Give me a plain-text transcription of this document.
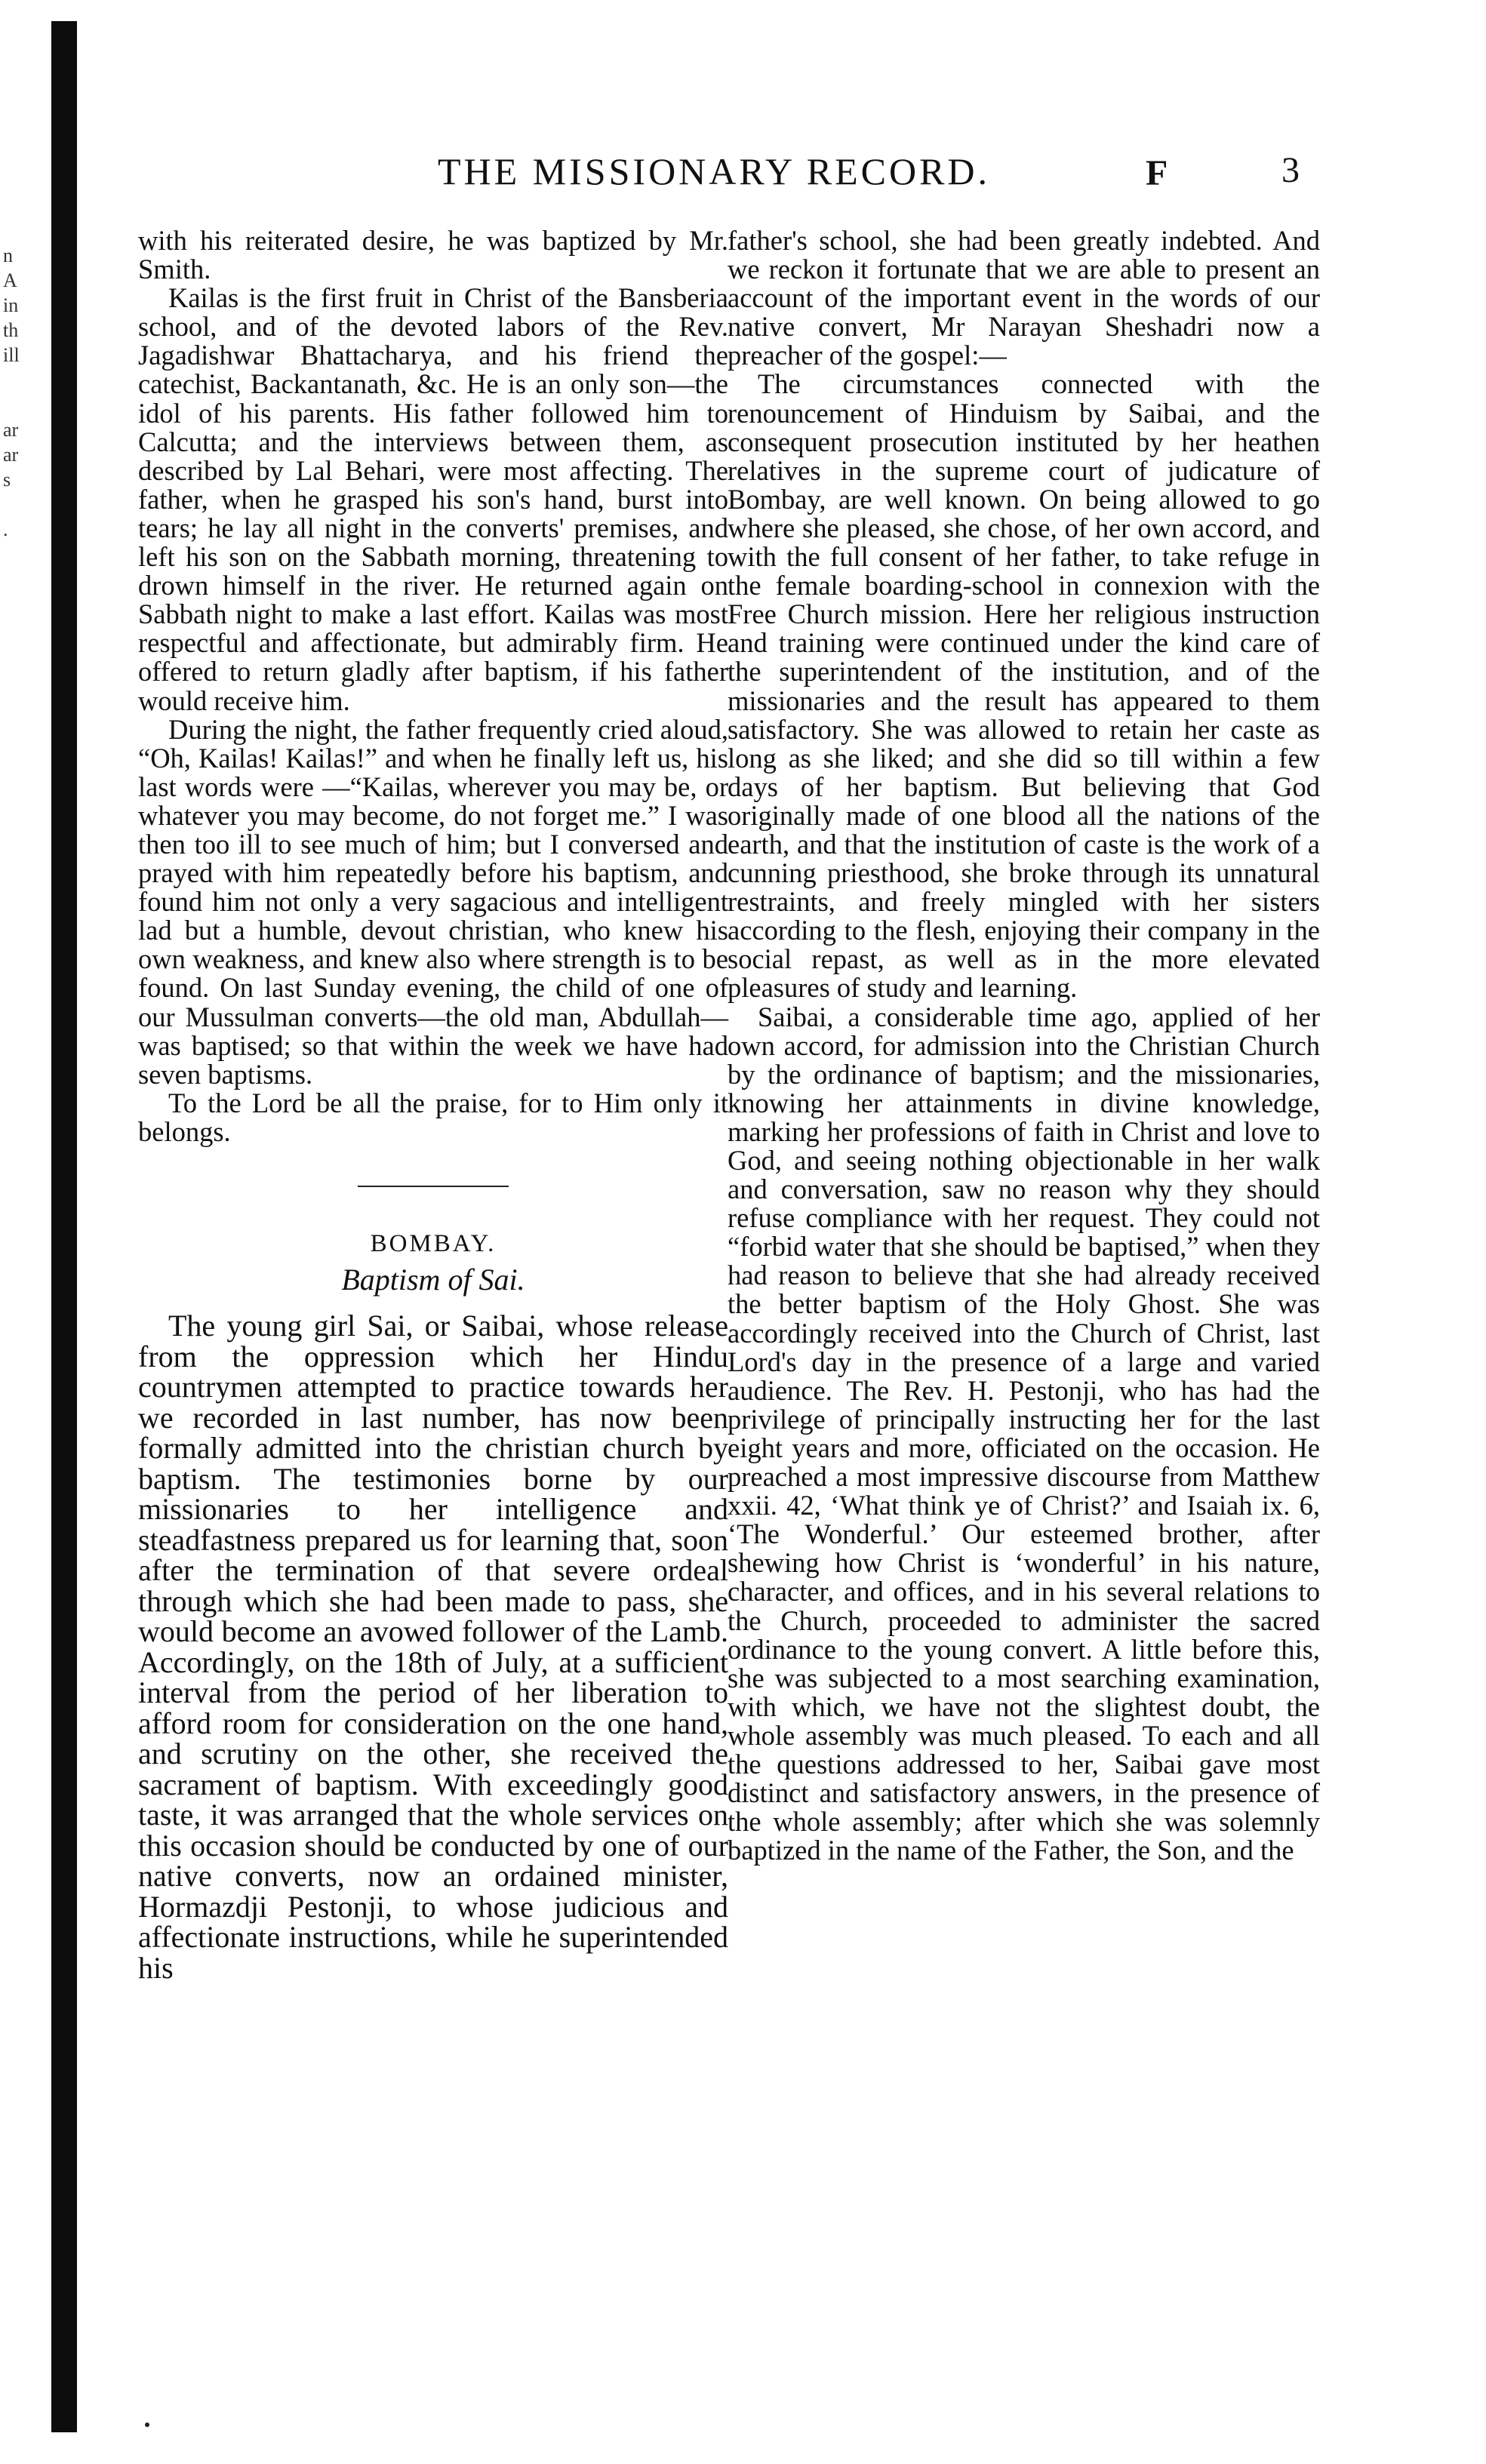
n
A
in
th
ill
ar
ar
s
.
THE MISSIONARY RECORD.	F	3

with his reiterated desire, he was baptized by Mr. Smith.

Kailas is the first fruit in Christ of the Bansberia school, and of the devoted labors of the Rev. Jagadishwar Bhattacharya, and his friend the catechist, Backantanath, &c. He is an only son—the idol of his parents. His father followed him to Calcutta; and the interviews between them, as described by Lal Behari, were most affecting. The father, when he grasped his son's hand, burst into tears; he lay all night in the converts' premises, and left his son on the Sabbath morning, threatening to drown himself in the river. He returned again on Sabbath night to make a last effort. Kailas was most respectful and affectionate, but admirably firm. He offered to return gladly after baptism, if his father would receive him.

During the night, the father frequently cried aloud, “Oh, Kailas! Kailas!” and when he finally left us, his last words were —“Kailas, wherever you may be, or whatever you may become, do not forget me.” I was then too ill to see much of him; but I conversed and prayed with him repeatedly before his baptism, and found him not only a very sagacious and intelligent lad but a humble, devout christian, who knew his own weakness, and knew also where strength is to be found. On last Sunday evening, the child of one of our Mussulman converts—the old man, Abdullah—was baptised; so that within the week we have had seven baptisms.

To the Lord be all the praise, for to Him only it belongs.

BOMBAY.

Baptism of Sai.

The young girl Sai, or Saibai, whose release from the oppression which her Hindu countrymen attempted to practice towards her we recorded in last number, has now been formally admitted into the christian church by baptism. The testimonies borne by our missionaries to her intelligence and steadfastness prepared us for learning that, soon after the termination of that severe ordeal through which she had been made to pass, she would become an avowed follower of the Lamb. Accordingly, on the 18th of July, at a sufficient interval from the period of her liberation to afford room for consideration on the one hand, and scrutiny on the other, she received the sacrament of baptism. With exceedingly good taste, it was arranged that the whole services on this occasion should be conducted by one of our native converts, now an ordained minister, Hormazdji Pestonji, to whose judicious and affectionate instructions, while he superintended his

father's school, she had been greatly indebted. And we reckon it fortunate that we are able to present an account of the important event in the words of our native convert, Mr Narayan Sheshadri now a preacher of the gospel:—

The circumstances connected with the renouncement of Hinduism by Saibai, and the consequent prosecution instituted by her heathen relatives in the supreme court of judicature of Bombay, are well known. On being allowed to go where she pleased, she chose, of her own accord, and with the full consent of her father, to take refuge in the female boarding-school in connexion with the Free Church mission. Here her religious instruction and training were continued under the kind care of the superintendent of the institution, and of the missionaries and the result has appeared to them satisfactory. She was allowed to retain her caste as long as she liked; and she did so till within a few days of her baptism. But believing that God originally made of one blood all the nations of the earth, and that the institution of caste is the work of a cunning priesthood, she broke through its unnatural restraints, and freely mingled with her sisters according to the flesh, enjoying their company in the social repast, as well as in the more elevated pleasures of study and learning.

Saibai, a considerable time ago, applied of her own accord, for admission into the Christian Church by the ordinance of baptism; and the missionaries, knowing her attainments in divine knowledge, marking her professions of faith in Christ and love to God, and seeing nothing objectionable in her walk and conversation, saw no reason why they should refuse compliance with her request. They could not “forbid water that she should be baptised,” when they had reason to believe that she had already received the better baptism of the Holy Ghost. She was accordingly received into the Church of Christ, last Lord's day in the presence of a large and varied audience. The Rev. H. Pestonji, who has had the privilege of principally instructing her for the last eight years and more, officiated on the occasion. He preached a most impressive discourse from Matthew xxii. 42, ‘What think ye of Christ?’ and Isaiah ix. 6, ‘The Wonderful.’ Our esteemed brother, after shewing how Christ is ‘wonderful’ in his nature, character, and offices, and in his several relations to the Church, proceeded to administer the sacred ordinance to the young convert. A little before this, she was subjected to a most searching examination, with which, we have not the slightest doubt, the whole assembly was much pleased. To each and all the questions addressed to her, Saibai gave most distinct and satisfactory answers, in the presence of the whole assembly; after which she was solemnly baptized in the name of the Father, the Son, and the
